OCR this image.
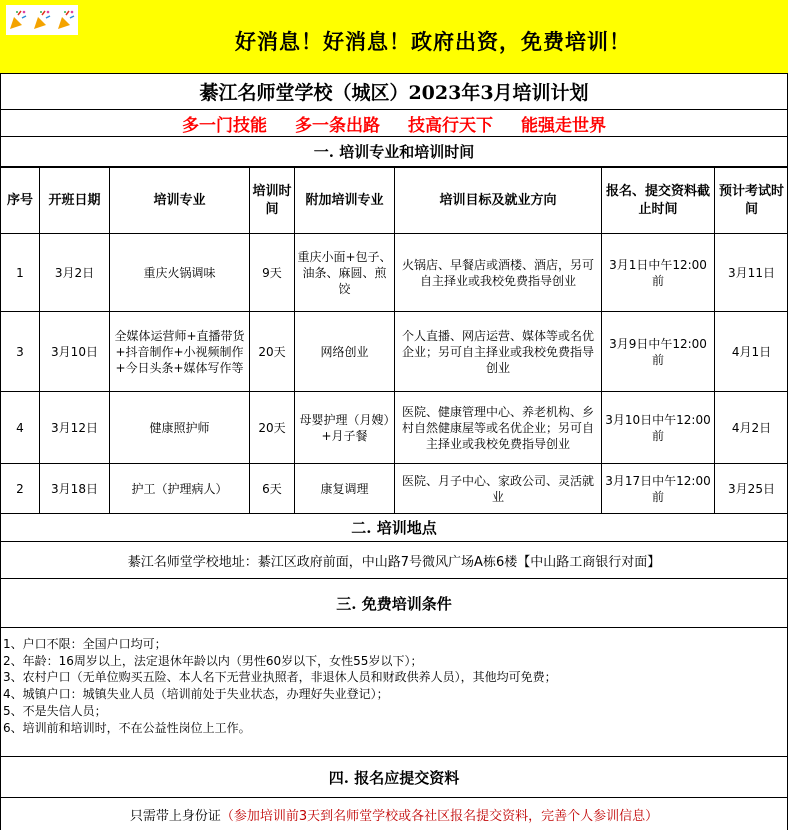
好消息！好消息！政府出资，免费培训！
綦江名师堂学校（城区）2023年3月培训计划
多一门技能 多一条出路 技高行天下 能强走世界
一. 培训专业和培训时间
序号	开班日期	培训专业	培训时间	附加培训专业	培训目标及就业方向	报名、提交资料截止时间	预计考试时间
1	3月2日	重庆火锅调味	9天	重庆小面+包子、油条、麻圆、煎饺	火锅店、早餐店或酒楼、酒店，另可自主择业或我校免费指导创业	3月1日中午12:00前	3月11日
3	3月10日	全媒体运营师+直播带货+抖音制作+小视频制作+今日头条+媒体写作等	20天	网络创业	个人直播、网店运营、媒体等或名优企业；另可自主择业或我校免费指导创业	3月9日中午12:00前	4月1日
4	3月12日	健康照护师	20天	母婴护理（月嫂）+月子餐	医院、健康管理中心、养老机构、乡村自然健康屋等或名优企业；另可自主择业或我校免费指导创业	3月10日中午12:00前	4月2日
2	3月18日	护工（护理病人）	6天	康复调理	医院、月子中心、家政公司、灵活就业	3月17日中午12:00前	3月25日
二. 培训地点
綦江名师堂学校地址：綦江区政府前面，中山路7号微风广场A栋6楼【中山路工商银行对面】
三. 免费培训条件
1、户口不限：全国户口均可；
2、年龄：16周岁以上，法定退休年龄以内（男性60岁以下，女性55岁以下）；
3、农村户口（无单位购买五险、本人名下无营业执照者，非退休人员和财政供养人员），其他均可免费；
4、城镇户口：城镇失业人员（培训前处于失业状态，办理好失业登记）；
5、不是失信人员；
6、培训前和培训时，不在公益性岗位上工作。
四. 报名应提交资料
只需带上身份证 （参加培训前3天到名师堂学校或各社区报名提交资料，完善个人参训信息）
